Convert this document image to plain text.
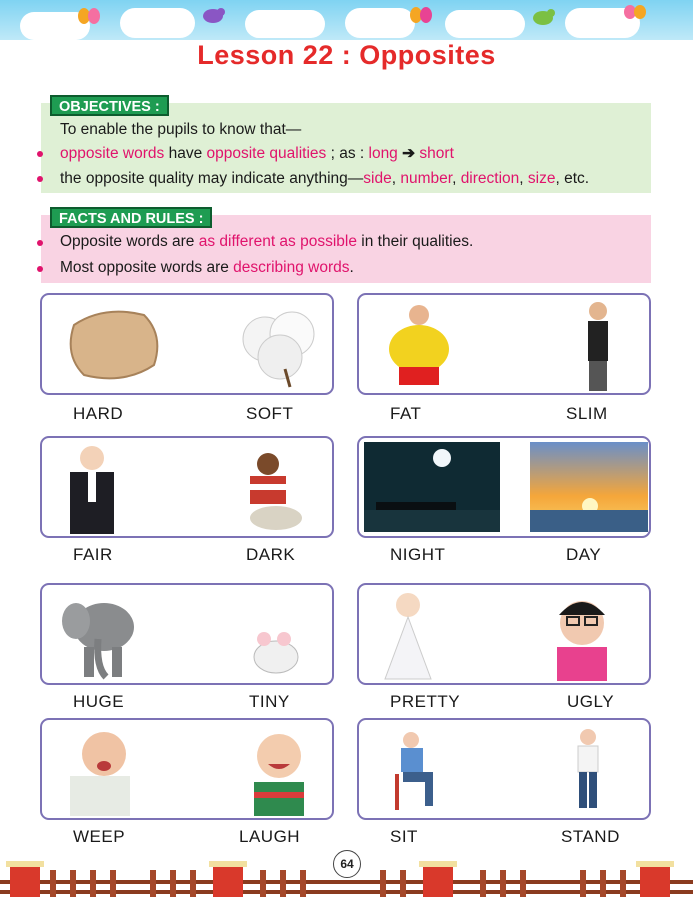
Lesson 22 : Opposites
OBJECTIVES :
To enable the pupils to know that—
opposite words have opposite qualities ; as : long ➔ short
the opposite quality may indicate anything—side, number, direction, size, etc.
FACTS AND RULES :
Opposite words are as different as possible in their qualities.
Most opposite words are describing words.
HARD	SOFT	FAT	SLIM
FAIR	DARK	NIGHT	DAY
HUGE	TINY	PRETTY	UGLY
WEEP	LAUGH	SIT	STAND
64
